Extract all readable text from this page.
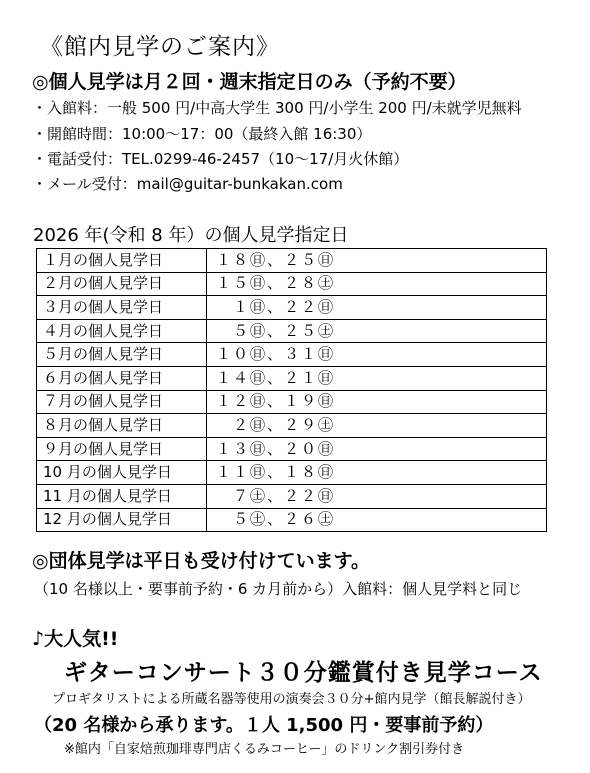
《館内見学のご案内》
◎個人見学は月２回・週末指定日のみ（予約不要）
・入館料：一般 500 円/中高大学生 300 円/小学生 200 円/未就学児無料
・開館時間：10:00〜17：00（最終入館 16:30）
・電話受付：TEL.0299-46-2457（10〜17/月火休館）
・メール受付：mail@guitar-bunkakan.com
2026 年(令和 8 年）の個人見学指定日
１月の個人見学日	１８㊐、２５㊐
２月の個人見学日	１５㊐、２８㊏
３月の個人見学日	　１㊐、２２㊐
４月の個人見学日	　５㊐、２５㊏
５月の個人見学日	１０㊐、３１㊐
６月の個人見学日	１４㊐、２１㊐
７月の個人見学日	１２㊐、１９㊐
８月の個人見学日	　２㊐、２９㊏
９月の個人見学日	１３㊐、２０㊐
10 月の個人見学日	１１㊐、１８㊐
11 月の個人見学日	　７㊏、２２㊐
12 月の個人見学日	　５㊏、２６㊏
◎団体見学は平日も受け付けています。
（10 名様以上・要事前予約・6 カ月前から）入館料：個人見学料と同じ
♪大人気!!
ギターコンサート３０分鑑賞付き見学コース
プロギタリストによる所蔵名器等使用の演奏会３０分+館内見学（館長解説付き）
（20 名様から承ります。１人 1,500 円・要事前予約）
※館内「自家焙煎珈琲専門店くるみコーヒー」のドリンク割引券付き
